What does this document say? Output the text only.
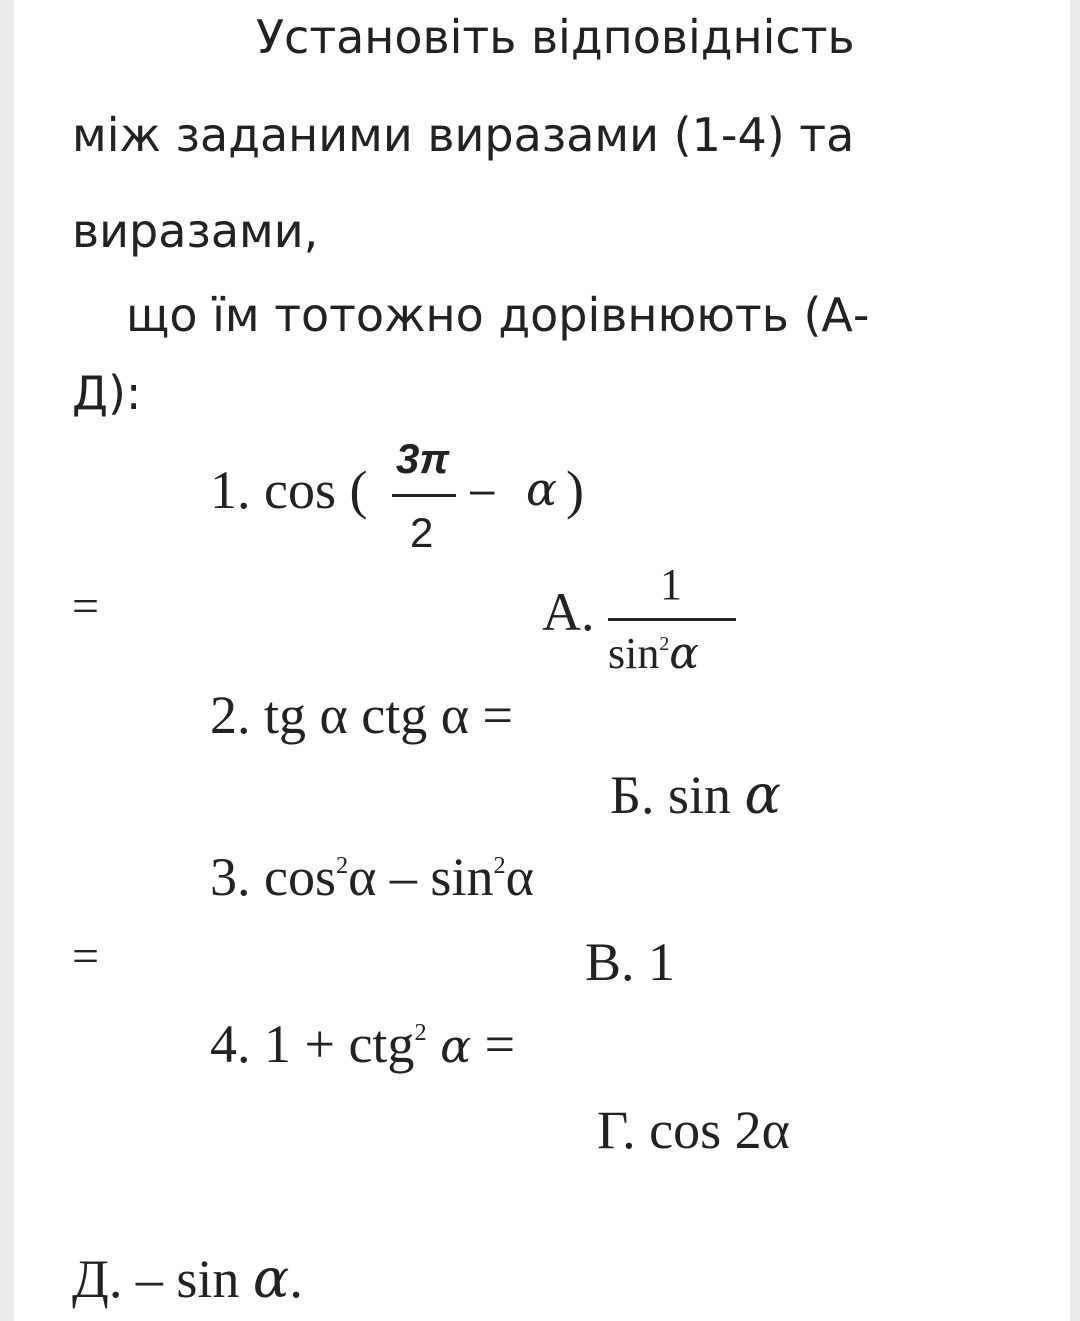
Установіть відповідність
між заданими виразами (1-4) та
виразами,
що їм тотожно дорівнюють (А-
Д):
1. cos (
3π
2
– α )
=	А. 1
$\sin^2\alpha$
2. tg α ctg α =
Б. sin α
3. $\cos^2\alpha - \sin^2\alpha$
=	В. 1
4. 1 + ctg$^2$ α =
Г. cos 2α
Д. – sin α.
